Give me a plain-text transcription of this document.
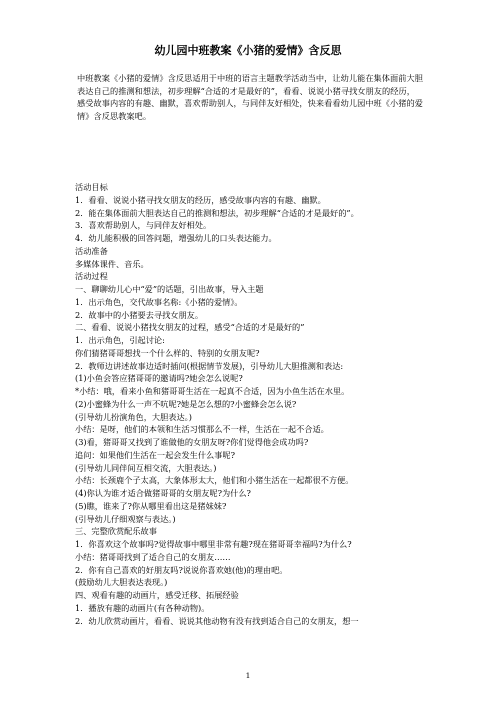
幼儿园中班教案《小猪的爱情》含反思

中班教案《小猪的爱情》含反思适用于中班的语言主题教学活动当中，让幼儿能在集体面前大胆表达自己的推测和想法，初步理解“合适的才是最好的”，看看、说说小猪寻找女朋友的经历，感受故事内容的有趣、幽默，喜欢帮助别人，与同伴友好相处，快来看看幼儿园中班《小猪的爱情》含反思教案吧。

活动目标
1．看看、说说小猪寻找女朋友的经历，感受故事内容的有趣、幽默。
2．能在集体面前大胆表达自己的推测和想法，初步理解“合适的才是最好的”。
3．喜欢帮助别人，与同伴友好相处。
4．幼儿能积极的回答问题，增强幼儿的口头表达能力。
活动准备
多媒体课件、音乐。
活动过程
一、聊聊幼儿心中“爱”的话题，引出故事，导入主题
1．出示角色，交代故事名称:《小猪的爱情》。
2．故事中的小猪要去寻找女朋友。
二、看看、说说小猪找女朋友的过程，感受“合适的才是最好的”
1．出示角色，引起讨论:
你们猜猪哥哥想找一个什么样的、特别的女朋友呢?
2．教师边讲述故事边适时插问(根据情节发展)，引导幼儿大胆推测和表达:
(1)小鱼会答应猪哥哥的邀请吗?她会怎么说呢?
*小结：哦，看来小鱼和猪哥哥生活在一起真不合适，因为小鱼生活在水里。
(2)小蜜蜂为什么一声不吭呢?她是怎么想的?小蜜蜂会怎么说?
(引导幼儿扮演角色，大胆表达。)
小结：是呀，他们的本领和生活习惯那么不一样，生活在一起不合适。
(3)看，猪哥哥又找到了谁做他的女朋友呀?你们觉得他会成功吗?
追问：如果他们生活在一起会发生什么事呢?
(引导幼儿同伴间互相交流，大胆表达。)
小结：长颈鹿个子太高，大象体形太大，他们和小猪生活在一起都很不方便。
(4)你认为谁才适合做猪哥哥的女朋友呢?为什么?
(5)瞧，谁来了?你从哪里看出这是猪妹妹?
(引导幼儿仔细观察与表达。)
三、完整欣赏配乐故事
1．你喜欢这个故事吗?觉得故事中哪里非常有趣?现在猪哥哥幸福吗?为什么?
小结：猪哥哥找到了适合自己的女朋友……
2．你有自己喜欢的好朋友吗?说说你喜欢她(他)的理由吧。
(鼓励幼儿大胆表达表现。)
四、观看有趣的动画片，感受迁移、拓展经验
1．播放有趣的动画片(有各种动物)。
2．幼儿欣赏动画片，看看、说说其他动物有没有找到适合自己的女朋友，想一
1
